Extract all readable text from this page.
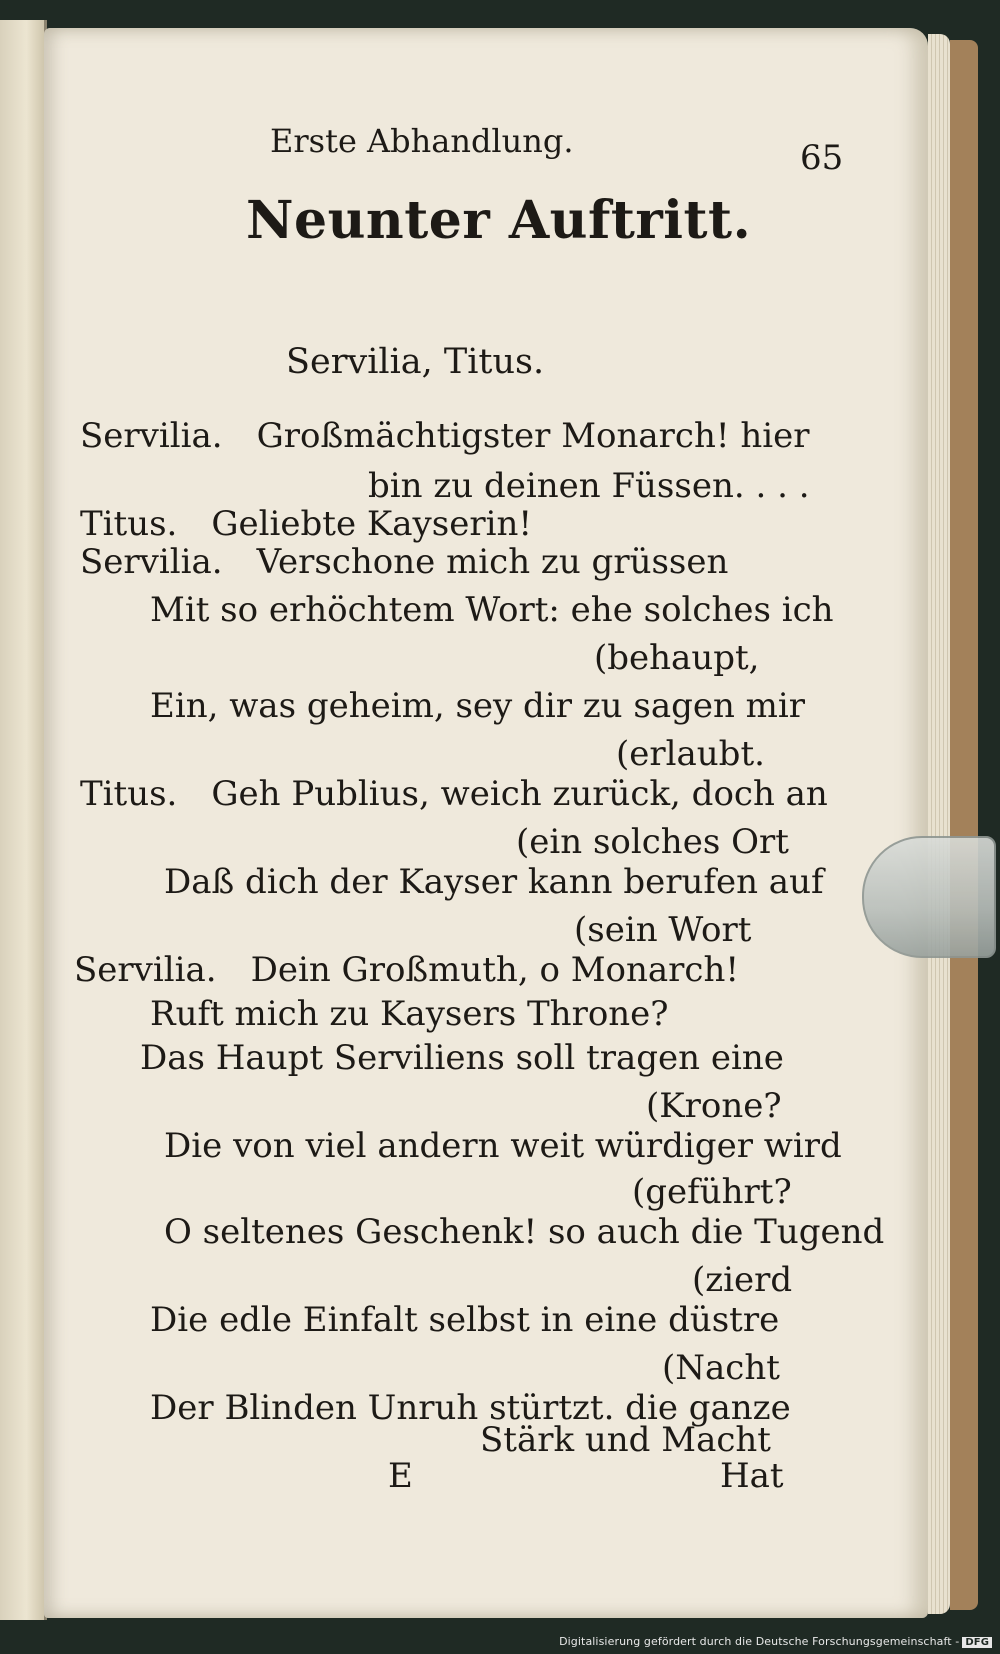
Erste Abhandlung.	65
Neunter Auftritt.
Servilia, Titus.
Servilia. Großmächtigster Monarch! hier
bin zu deinen Füssen. . . .
Titus. Geliebte Kayserin!
Servilia. Verschone mich zu grüssen
Mit so erhöchtem Wort: ehe solches ich
(behaupt,
Ein, was geheim, sey dir zu sagen mir
(erlaubt.
Titus. Geh Publius, weich zurück, doch an
(ein solches Ort
Daß dich der Kayser kann berufen auf
(sein Wort
Servilia. Dein Großmuth, o Monarch!
Ruft mich zu Kaysers Throne?
Das Haupt Serviliens soll tragen eine
(Krone?
Die von viel andern weit würdiger wird
(geführt?
O seltenes Geschenk! so auch die Tugend
(zierd
Die edle Einfalt selbst in eine düstre
(Nacht
Der Blinden Unruh stürtzt. die ganze
Stärk und Macht
E	Hat
Digitalisierung gefördert durch die Deutsche Forschungsgemeinschaft - DFG
